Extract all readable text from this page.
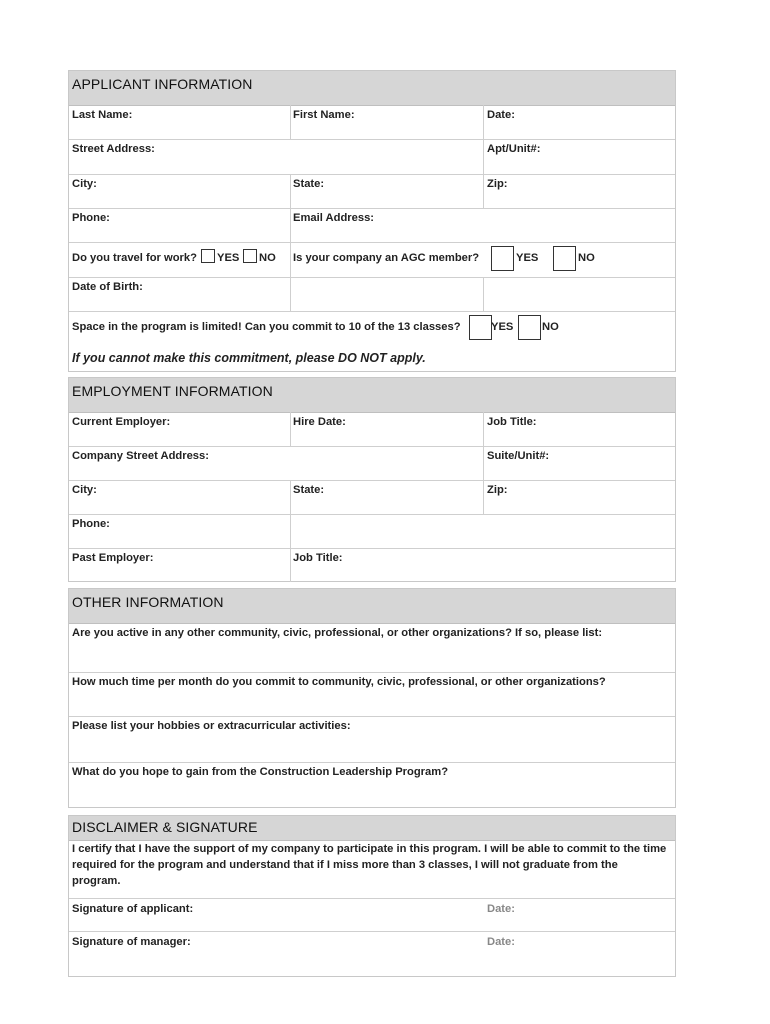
APPLICANT INFORMATION
Last Name:	First Name:	Date:
Street Address:	Apt/Unit#:
City:	State:	Zip:
Phone:	Email Address:
Do you travel for work? YES NO Is your company an AGC member?	YES	NO
Date of Birth:
Space in the program is limited! Can you commit to 10 of the 13 classes?	YES	NO
If you cannot make this commitment, please DO NOT apply.
EMPLOYMENT INFORMATION
Current Employer:	Hire Date:	Job Title:
Company Street Address:	Suite/Unit#:
City:	State:	Zip:
Phone:
Past Employer:	Job Title:
OTHER INFORMATION
Are you active in any other community, civic, professional, or other organizations? If so, please list:
How much time per month do you commit to community, civic, professional, or other organizations?
Please list your hobbies or extracurricular activities:
What do you hope to gain from the Construction Leadership Program?
DISCLAIMER & SIGNATURE
I certify that I have the support of my company to participate in this program. I will be able to commit to the time required for the program and understand that if I miss more than 3 classes, I will not graduate from the program.
Signature of applicant:	Date:
Signature of manager:	Date:
